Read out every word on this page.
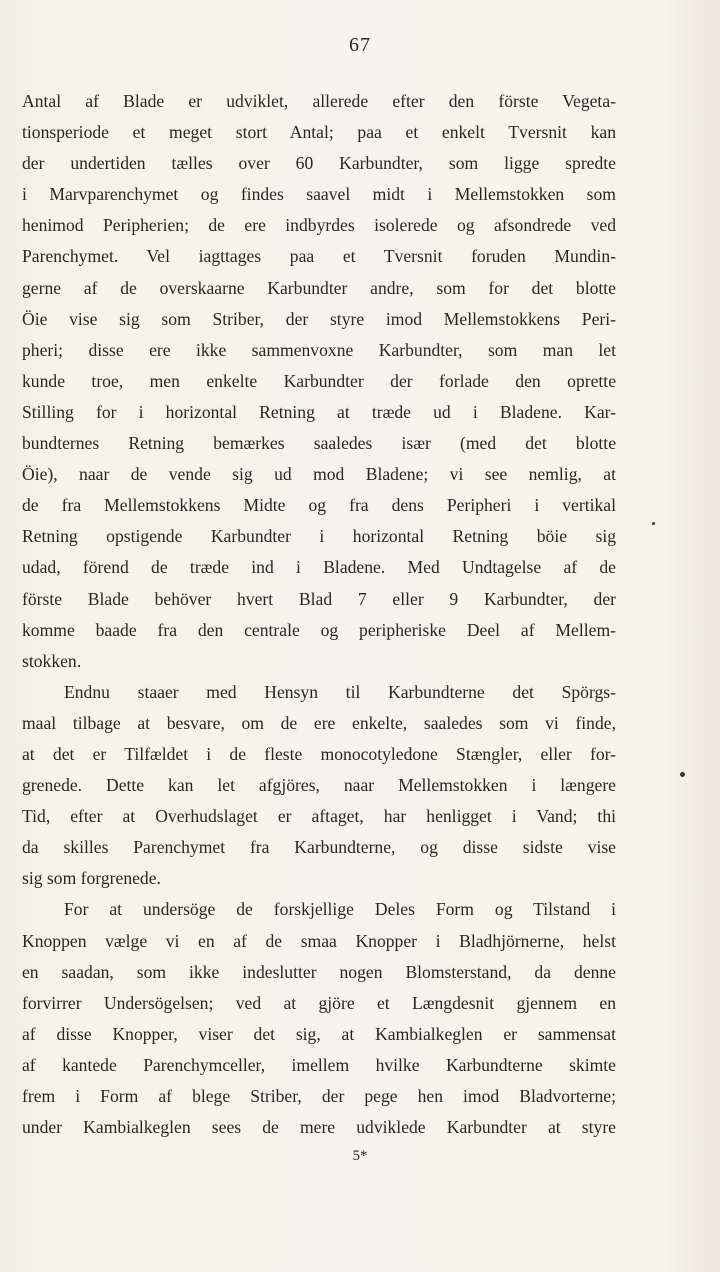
67
Antal af Blade er udviklet, allerede efter den förste Vegeta-
tionsperiode et meget stort Antal; paa et enkelt Tversnit kan
der undertiden tælles over 60 Karbundter, som ligge spredte
i Marvparenchymet og findes saavel midt i Mellemstokken som
henimod Peripherien; de ere indbyrdes isolerede og afsondrede ved
Parenchymet. Vel iagttages paa et Tversnit foruden Mundin-
gerne af de overskaarne Karbundter andre, som for det blotte
Öie vise sig som Striber, der styre imod Mellemstokkens Peri-
pheri; disse ere ikke sammenvoxne Karbundter, som man let
kunde troe, men enkelte Karbundter der forlade den oprette
Stilling for i horizontal Retning at træde ud i Bladene. Kar-
bundternes Retning bemærkes saaledes især (med det blotte
Öie), naar de vende sig ud mod Bladene; vi see nemlig, at
de fra Mellemstokkens Midte og fra dens Peripheri i vertikal
Retning opstigende Karbundter i horizontal Retning böie sig
udad, förend de træde ind i Bladene. Med Undtagelse af de
förste Blade behöver hvert Blad 7 eller 9 Karbundter, der
komme baade fra den centrale og peripheriske Deel af Mellem-
stokken.
Endnu staaer med Hensyn til Karbundterne det Spörgs-
maal tilbage at besvare, om de ere enkelte, saaledes som vi finde,
at det er Tilfældet i de fleste monocotyledone Stængler, eller for-
grenede. Dette kan let afgjöres, naar Mellemstokken i længere
Tid, efter at Overhudslaget er aftaget, har henligget i Vand; thi
da skilles Parenchymet fra Karbundterne, og disse sidste vise
sig som forgrenede.
For at undersöge de forskjellige Deles Form og Tilstand i
Knoppen vælge vi en af de smaa Knopper i Bladhjörnerne, helst
en saadan, som ikke indeslutter nogen Blomsterstand, da denne
forvirrer Undersögelsen; ved at gjöre et Længdesnit gjennem en
af disse Knopper, viser det sig, at Kambialkeglen er sammensat
af kantede Parenchymceller, imellem hvilke Karbundterne skimte
frem i Form af blege Striber, der pege hen imod Bladvorterne;
under Kambialkeglen sees de mere udviklede Karbundter at styre
5*
